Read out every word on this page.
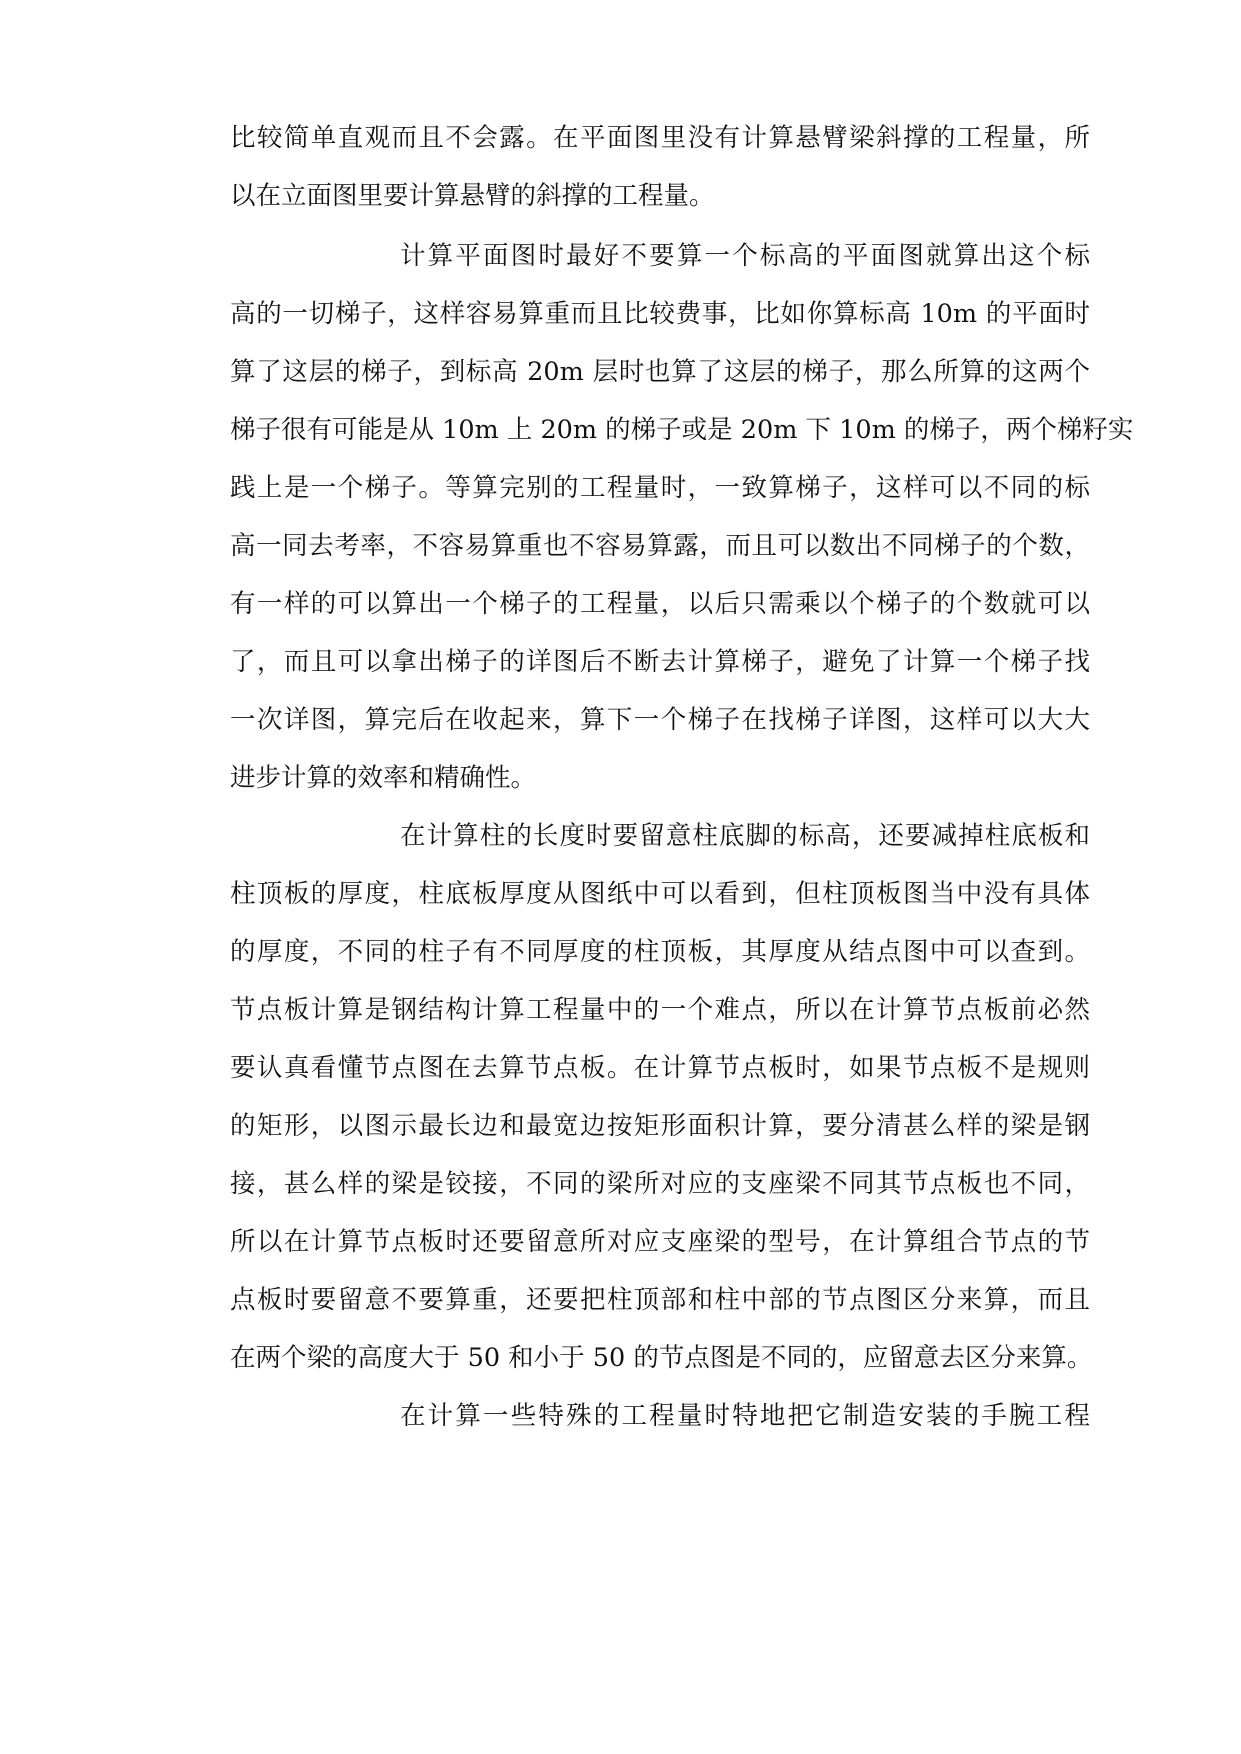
比较简单直观而且不会露。在平面图里没有计算悬臂梁斜撑的工程量，所
以在立面图里要计算悬臂的斜撑的工程量。
计算平面图时最好不要算一个标高的平面图就算出这个标
高的一切梯子，这样容易算重而且比较费事，比如你算标高 10m 的平面时
算了这层的梯子，到标高 20m 层时也算了这层的梯子，那么所算的这两个
梯子很有可能是从 10m 上 20m 的梯子或是 20m 下 10m 的梯子，两个梯籽实
践上是一个梯子。等算完别的工程量时，一致算梯子，这样可以不同的标
高一同去考率，不容易算重也不容易算露，而且可以数出不同梯子的个数，
有一样的可以算出一个梯子的工程量，以后只需乘以个梯子的个数就可以
了，而且可以拿出梯子的详图后不断去计算梯子，避免了计算一个梯子找
一次详图，算完后在收起来，算下一个梯子在找梯子详图，这样可以大大
进步计算的效率和精确性。
在计算柱的长度时要留意柱底脚的标高，还要减掉柱底板和
柱顶板的厚度，柱底板厚度从图纸中可以看到，但柱顶板图当中没有具体
的厚度，不同的柱子有不同厚度的柱顶板，其厚度从结点图中可以查到。
节点板计算是钢结构计算工程量中的一个难点，所以在计算节点板前必然
要认真看懂节点图在去算节点板。在计算节点板时，如果节点板不是规则
的矩形，以图示最长边和最宽边按矩形面积计算，要分清甚么样的梁是钢
接，甚么样的梁是铰接，不同的梁所对应的支座梁不同其节点板也不同，
所以在计算节点板时还要留意所对应支座梁的型号，在计算组合节点的节
点板时要留意不要算重，还要把柱顶部和柱中部的节点图区分来算，而且
在两个梁的高度大于 50 和小于 50 的节点图是不同的，应留意去区分来算。
在计算一些特殊的工程量时特地把它制造安装的手腕工程
